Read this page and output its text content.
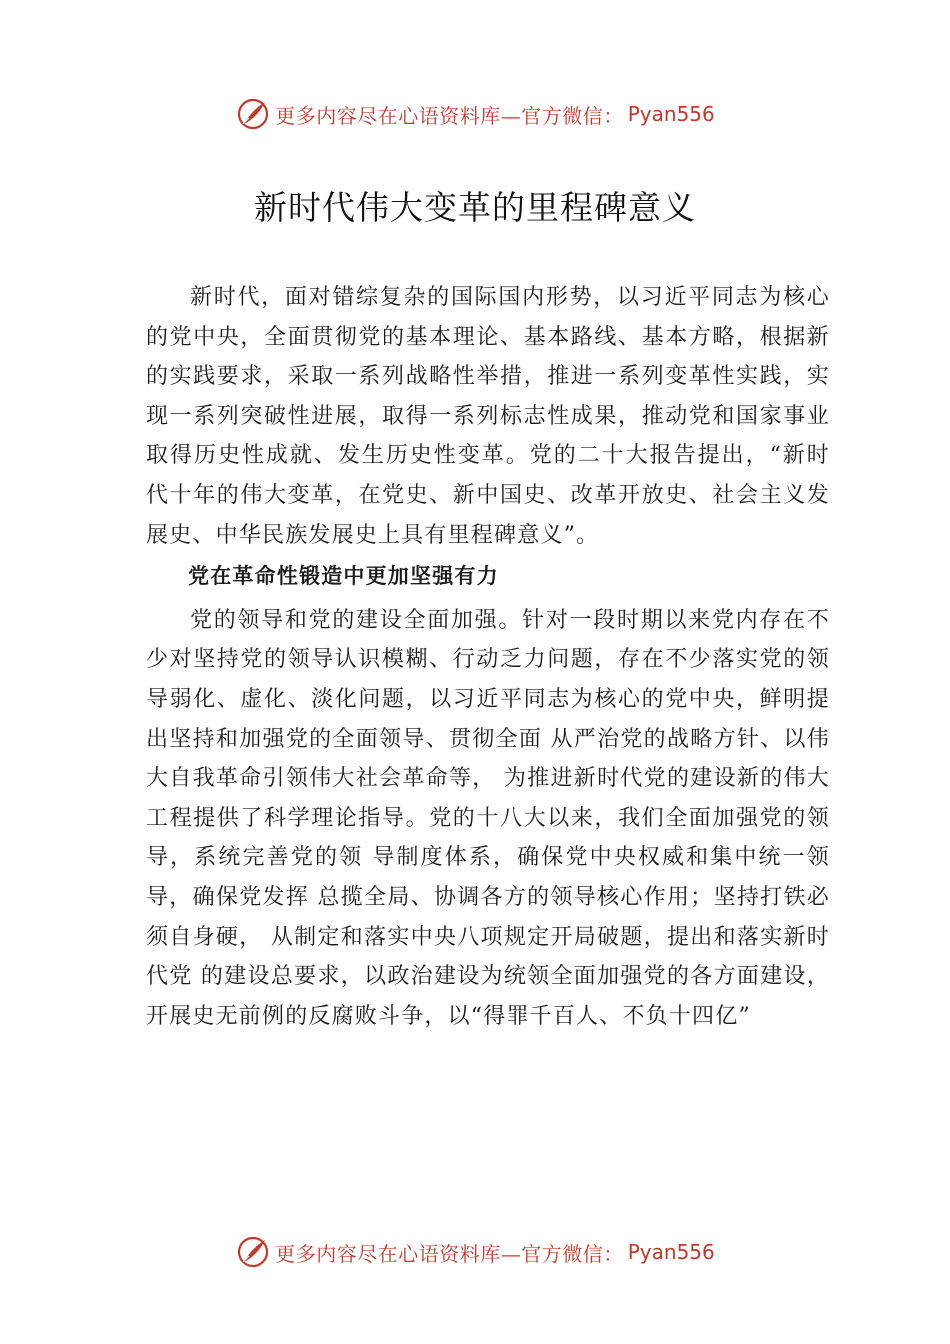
更多内容尽在心语资料库—官方微信： Pyan556
新时代伟大变革的里程碑意义

新时代，面对错综复杂的国际国内形势，以习近平同志为核心的党中央，全面贯彻党的基本理论、基本路线、基本方略，根据新的实践要求，采取一系列战略性举措，推进一系列变革性实践，实现一系列突破性进展，取得一系列标志性成果，推动党和国家事业取得历史性成就、发生历史性变革。党的二十大报告提出，“新时代十年的伟大变革，在党史、新中国史、改革开放史、社会主义发展史、中华民族发展史上具有里程碑意义”。

党在革命性锻造中更加坚强有力

党的领导和党的建设全面加强。针对一段时期以来党内存在不少对坚持党的领导认识模糊、行动乏力问题，存在不少落实党的领导弱化、虚化、淡化问题，以习近平同志为核心的党中央，鲜明提出坚持和加强党的全面领导、贯彻全面 从严治党的战略方针、以伟大自我革命引领伟大社会革命等， 为推进新时代党的建设新的伟大工程提供了科学理论指导。党的十八大以来，我们全面加强党的领导，系统完善党的领 导制度体系，确保党中央权威和集中统一领导，确保党发挥 总揽全局、协调各方的领导核心作用；坚持打铁必须自身硬， 从制定和落实中央八项规定开局破题，提出和落实新时代党 的建设总要求，以政治建设为统领全面加强党的各方面建设， 开展史无前例的反腐败斗争，以“得罪千百人、不负十四亿”

更多内容尽在心语资料库—官方微信： Pyan556
